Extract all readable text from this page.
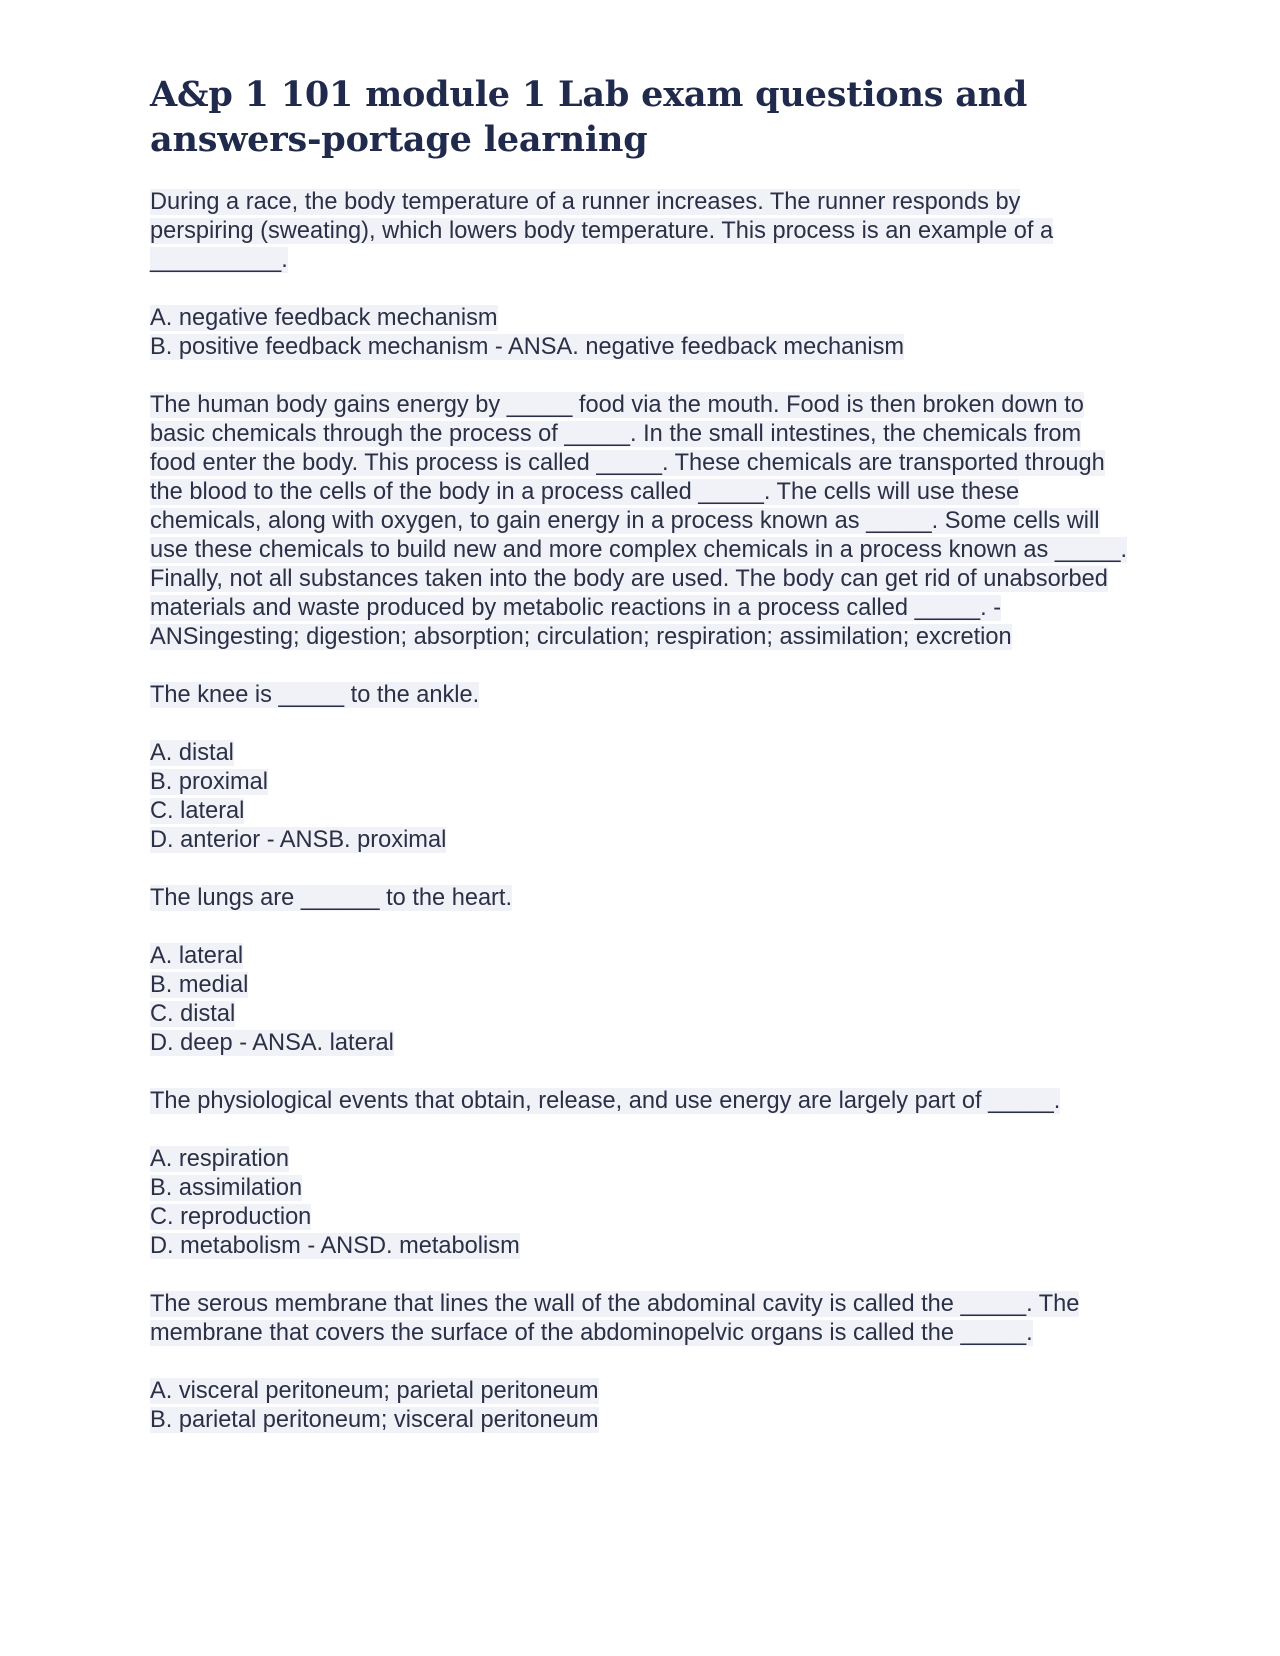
A&p 1 101 module 1 Lab exam questions and answers-portage learning

During a race, the body temperature of a runner increases. The runner responds by perspiring (sweating), which lowers body temperature. This process is an example of a __________.

A. negative feedback mechanism
B. positive feedback mechanism - ANSA. negative feedback mechanism

The human body gains energy by _____ food via the mouth. Food is then broken down to basic chemicals through the process of _____. In the small intestines, the chemicals from food enter the body. This process is called _____. These chemicals are transported through the blood to the cells of the body in a process called _____. The cells will use these chemicals, along with oxygen, to gain energy in a process known as _____. Some cells will use these chemicals to build new and more complex chemicals in a process known as _____. Finally, not all substances taken into the body are used. The body can get rid of unabsorbed materials and waste produced by metabolic reactions in a process called _____. - ANSingesting; digestion; absorption; circulation; respiration; assimilation; excretion

The knee is _____ to the ankle.

A. distal
B. proximal
C. lateral
D. anterior - ANSB. proximal

The lungs are ______ to the heart.

A. lateral
B. medial
C. distal
D. deep - ANSA. lateral

The physiological events that obtain, release, and use energy are largely part of _____.

A. respiration
B. assimilation
C. reproduction
D. metabolism - ANSD. metabolism

The serous membrane that lines the wall of the abdominal cavity is called the _____. The membrane that covers the surface of the abdominopelvic organs is called the _____.

A. visceral peritoneum; parietal peritoneum
B. parietal peritoneum; visceral peritoneum
